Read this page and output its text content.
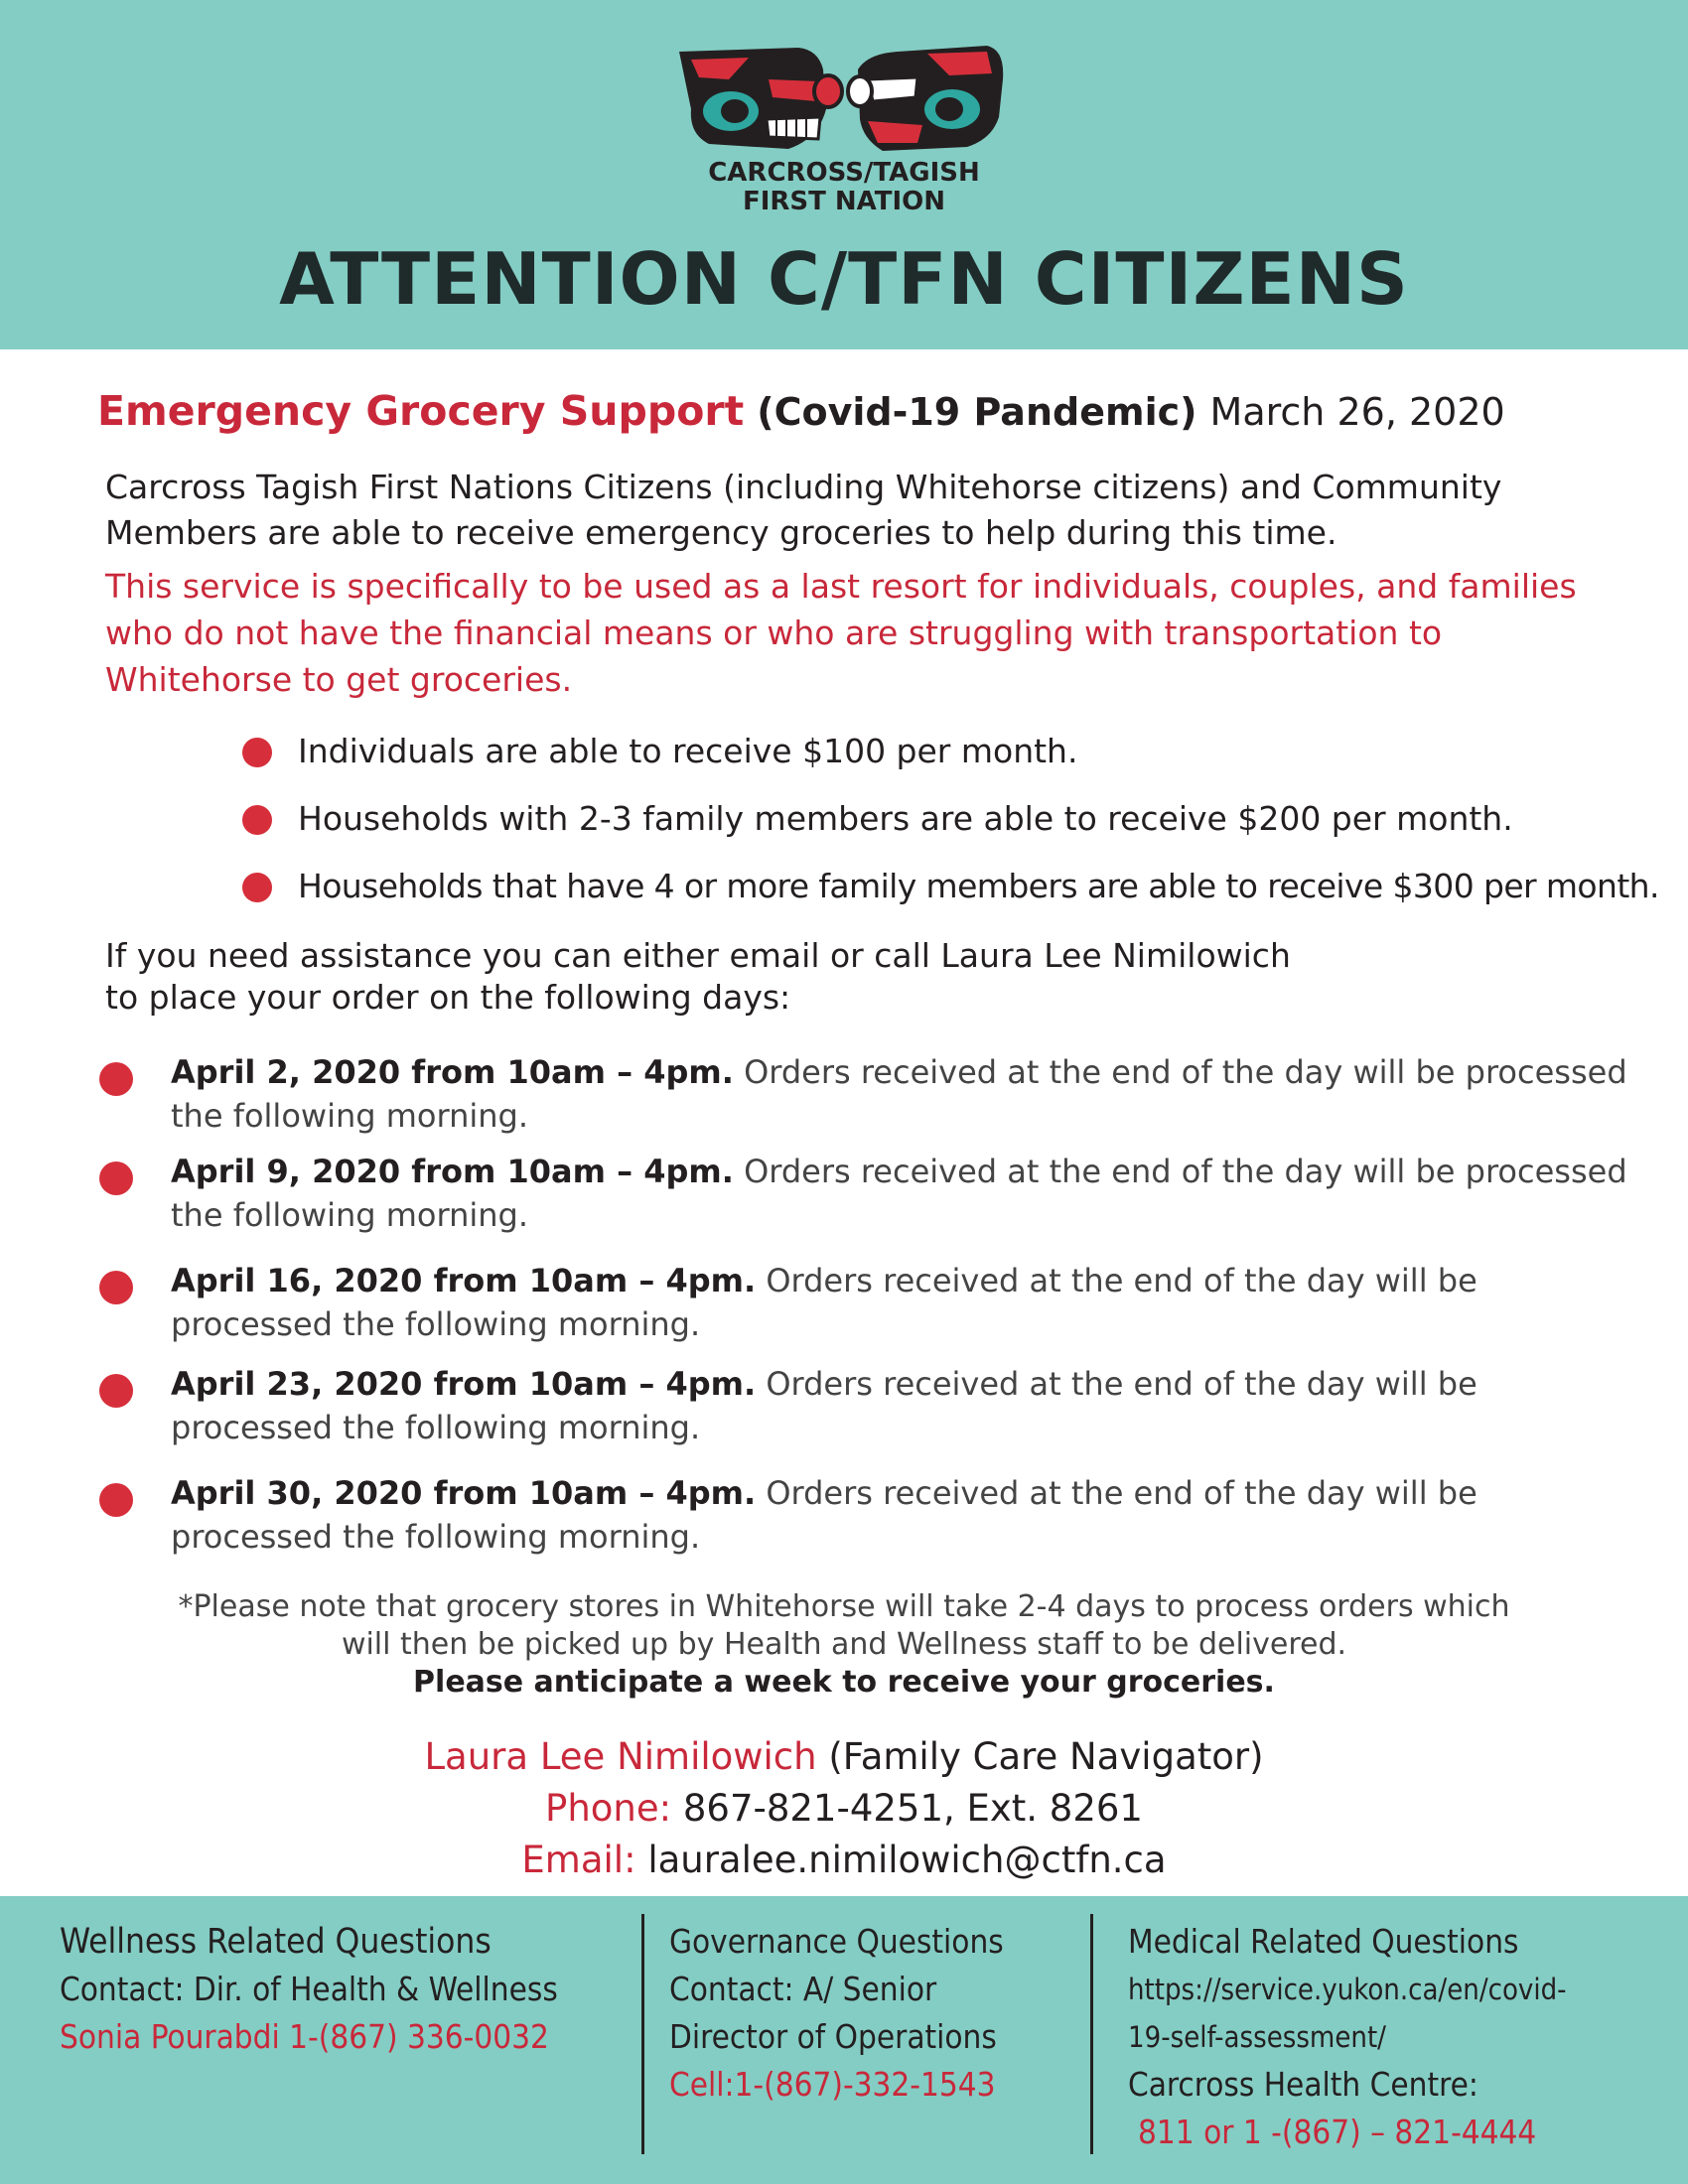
CARCROSS/TAGISH
FIRST NATION
ATTENTION C/TFN CITIZENS
Emergency Grocery Support (Covid-19 Pandemic) March 26, 2020
Carcross Tagish First Nations Citizens (including Whitehorse citizens) and Community Members are able to receive emergency groceries to help during this time.
This service is specifically to be used as a last resort for individuals, couples, and families who do not have the financial means or who are struggling with transportation to Whitehorse to get groceries.
Individuals are able to receive $100 per month.
Households with 2-3 family members are able to receive $200 per month.
Households that have 4 or more family members are able to receive $300 per month.
If you need assistance you can either email or call Laura Lee Nimilowich
to place your order on the following days:
April 2, 2020 from 10am – 4pm. Orders received at the end of the day will be processed the following morning.
April 9, 2020 from 10am – 4pm. Orders received at the end of the day will be processed the following morning.
April 16, 2020 from 10am – 4pm. Orders received at the end of the day will be processed the following morning.
April 23, 2020 from 10am – 4pm. Orders received at the end of the day will be processed the following morning.
April 30, 2020 from 10am – 4pm. Orders received at the end of the day will be processed the following morning.
*Please note that grocery stores in Whitehorse will take 2-4 days to process orders which
will then be picked up by Health and Wellness staff to be delivered.
Please anticipate a week to receive your groceries.
Laura Lee Nimilowich (Family Care Navigator)
Phone: 867-821-4251, Ext. 8261
Email: lauralee.nimilowich@ctfn.ca
Wellness Related Questions
Contact: Dir. of Health & Wellness
Sonia Pourabdi 1-(867) 336-0032
Governance Questions
Contact: A/ Senior
Director of Operations
Cell:1-(867)-332-1543
Medical Related Questions
https://service.yukon.ca/en/covid-
19-self-assessment/
Carcross Health Centre:
811 or 1 -(867) – 821-4444
